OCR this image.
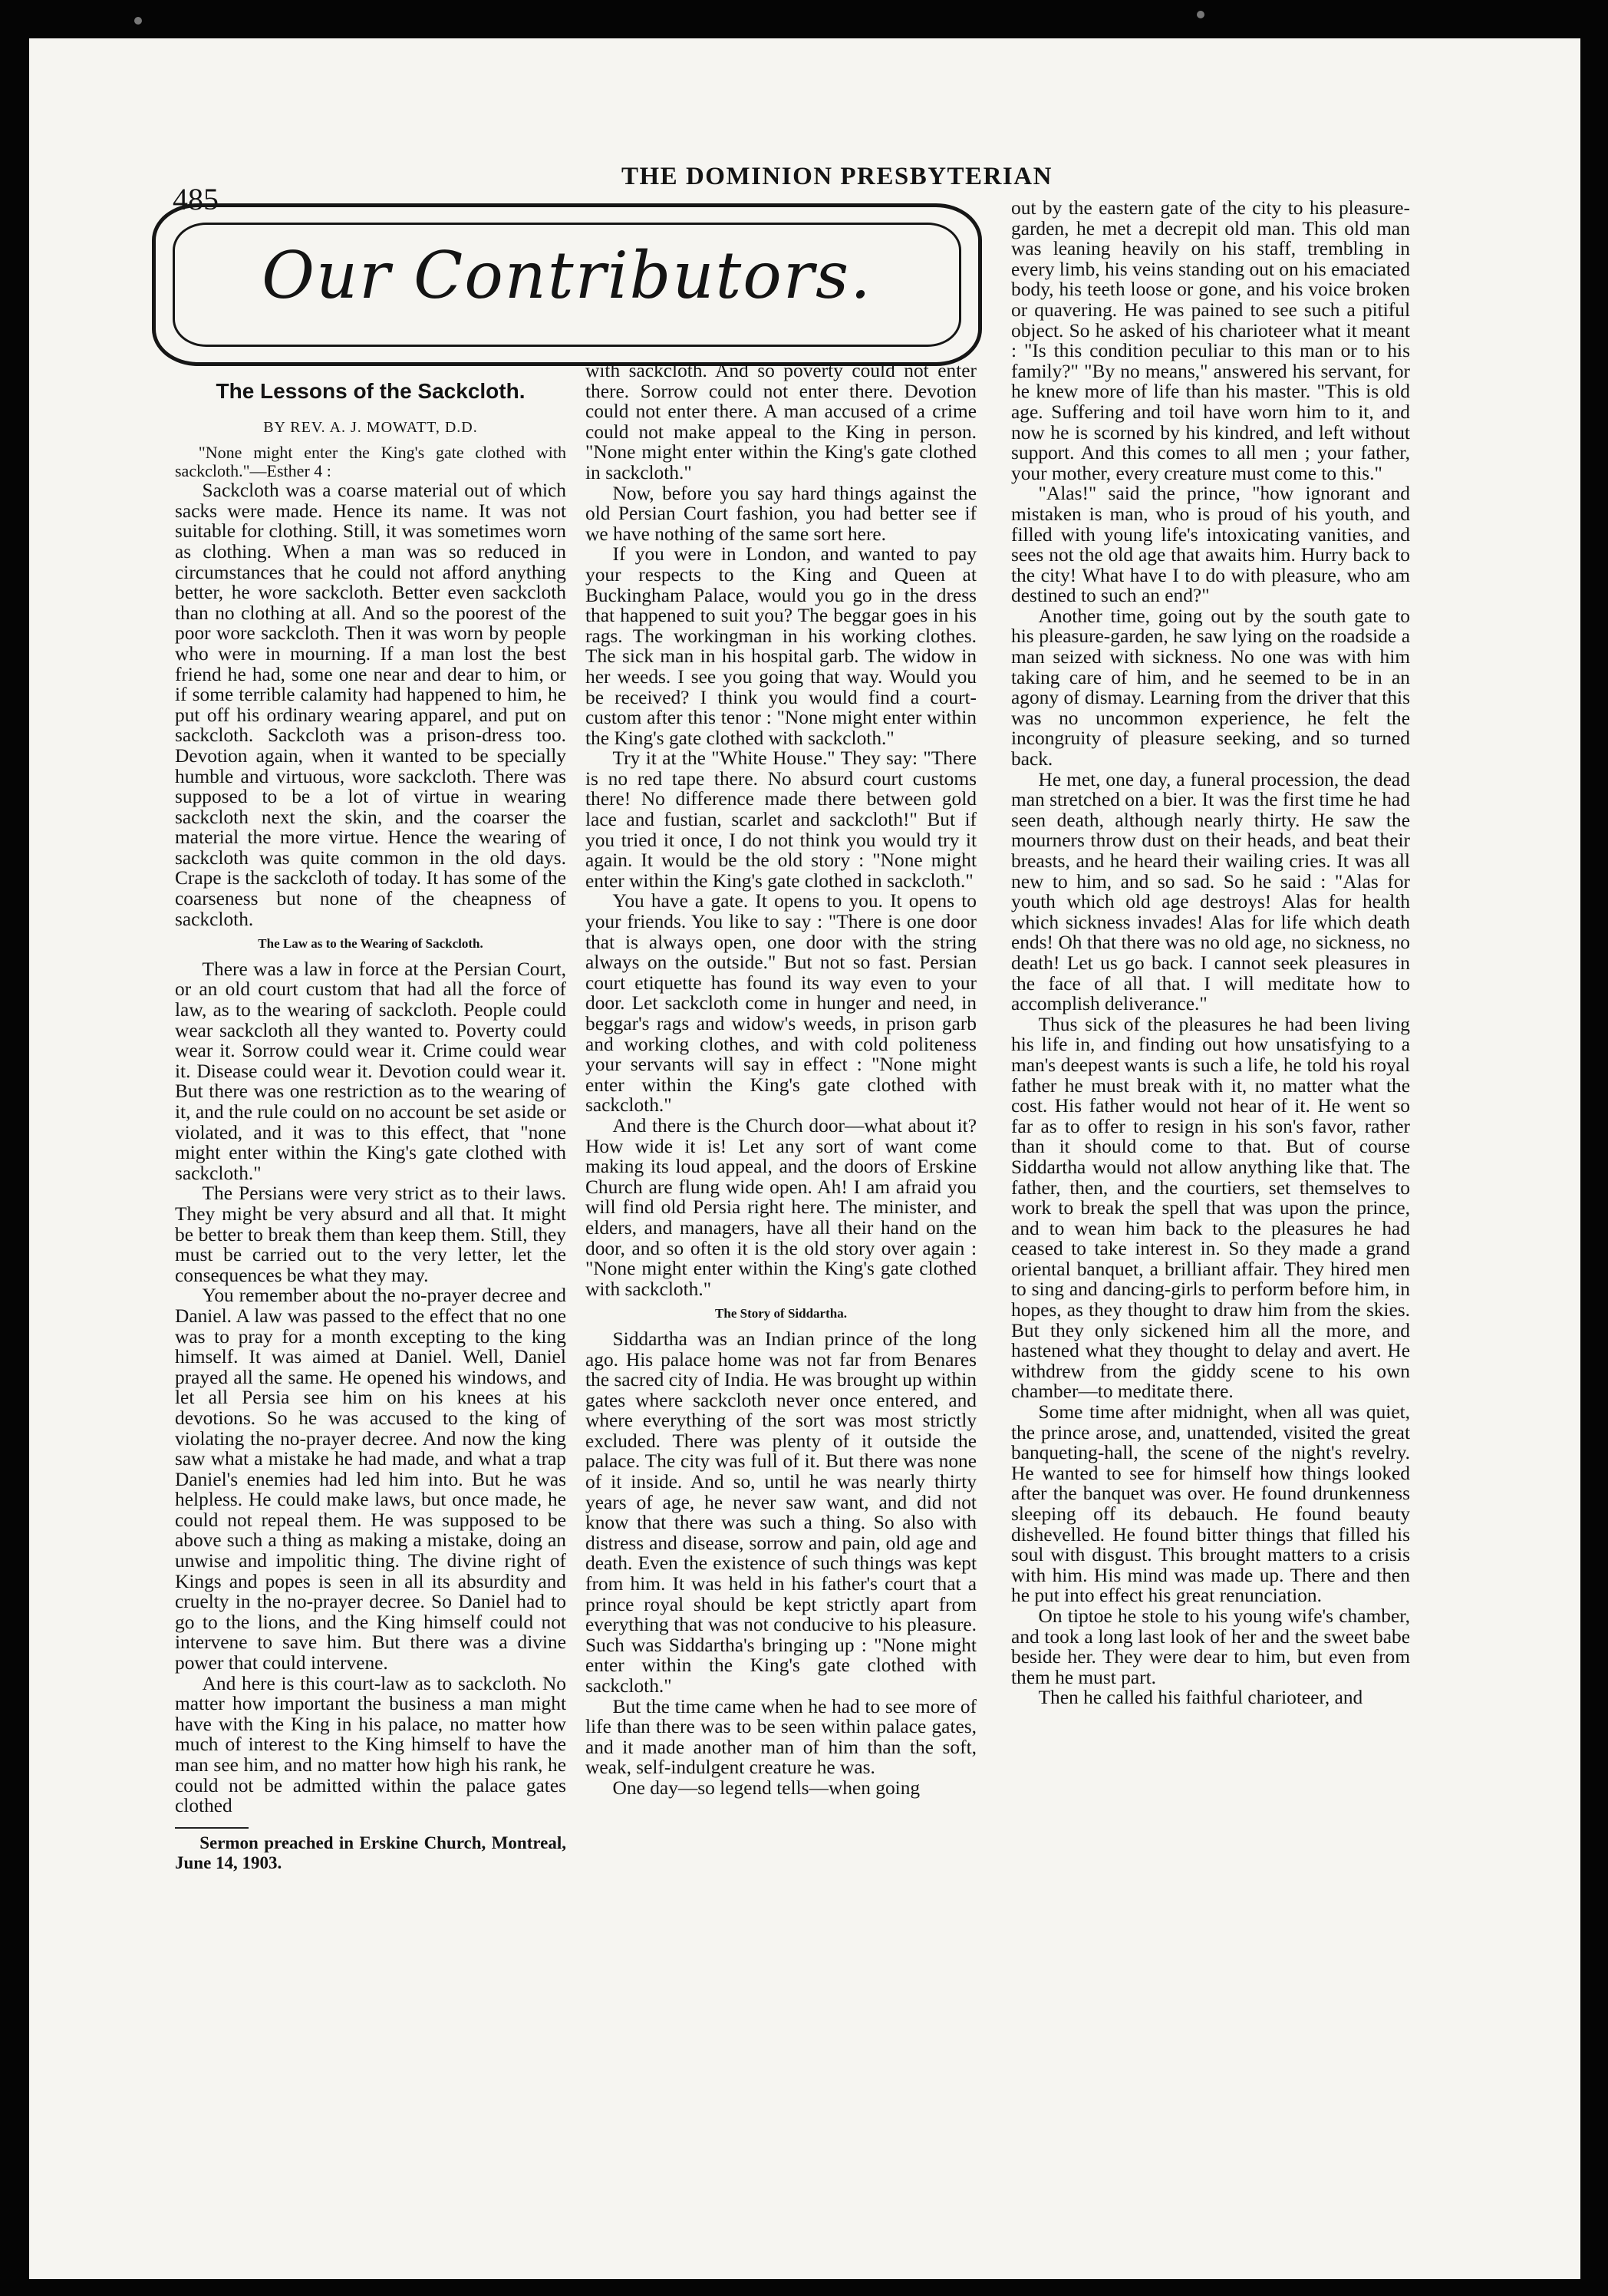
485
THE DOMINION PRESBYTERIAN
Our Contributors.
The Lessons of the Sackcloth.
BY REV. A. J. MOWATT, D.D.

"None might enter the King's gate clothed with sackcloth."—Esther 4 :

Sackcloth was a coarse material out of which sacks were made. Hence its name. It was not suitable for clothing. Still, it was sometimes worn as clothing. When a man was so reduced in circumstances that he could not afford anything better, he wore sackcloth. Better even sackcloth than no clothing at all. And so the poorest of the poor wore sackcloth. Then it was worn by people who were in mourning. If a man lost the best friend he had, some one near and dear to him, or if some terrible calamity had happened to him, he put off his ordinary wearing apparel, and put on sackcloth. Sackcloth was a prison-dress too. Devotion again, when it wanted to be specially humble and virtuous, wore sackcloth. There was supposed to be a lot of virtue in wearing sackcloth next the skin, and the coarser the material the more virtue. Hence the wearing of sackcloth was quite common in the old days. Crape is the sackcloth of today. It has some of the coarseness but none of the cheapness of sackcloth.

The Law as to the Wearing of Sackcloth.

There was a law in force at the Persian Court, or an old court custom that had all the force of law, as to the wearing of sackcloth. People could wear sackcloth all they wanted to. Poverty could wear it. Sorrow could wear it. Crime could wear it. Disease could wear it. Devotion could wear it. But there was one restriction as to the wearing of it, and the rule could on no account be set aside or violated, and it was to this effect, that "none might enter within the King's gate clothed with sackcloth."

The Persians were very strict as to their laws. They might be very absurd and all that. It might be better to break them than keep them. Still, they must be carried out to the very letter, let the consequences be what they may.

You remember about the no-prayer decree and Daniel. A law was passed to the effect that no one was to pray for a month excepting to the king himself. It was aimed at Daniel. Well, Daniel prayed all the same. He opened his windows, and let all Persia see him on his knees at his devotions. So he was accused to the king of violating the no-prayer decree. And now the king saw what a mistake he had made, and what a trap Daniel's enemies had led him into. But he was helpless. He could make laws, but once made, he could not repeal them. He was supposed to be above such a thing as making a mistake, doing an unwise and impolitic thing. The divine right of Kings and popes is seen in all its absurdity and cruelty in the no-prayer decree. So Daniel had to go to the lions, and the King himself could not intervene to save him. But there was a divine power that could intervene.

And here is this court-law as to sackcloth. No matter how important the business a man might have with the King in his palace, no matter how much of interest to the King himself to have the man see him, and no matter how high his rank, he could not be admitted within the palace gates clothed

Sermon preached in Erskine Church, Montreal, June 14, 1903.

with sackcloth. And so poverty could not enter there. Sorrow could not enter there. Devotion could not enter there. A man accused of a crime could not make appeal to the King in person. "None might enter within the King's gate clothed in sackcloth."

Now, before you say hard things against the old Persian Court fashion, you had better see if we have nothing of the same sort here.

If you were in London, and wanted to pay your respects to the King and Queen at Buckingham Palace, would you go in the dress that happened to suit you? The beggar goes in his rags. The workingman in his working clothes. The sick man in his hospital garb. The widow in her weeds. I see you going that way. Would you be received? I think you would find a court-custom after this tenor : "None might enter within the King's gate clothed with sackcloth."

Try it at the "White House." They say: "There is no red tape there. No absurd court customs there! No difference made there between gold lace and fustian, scarlet and sackcloth!" But if you tried it once, I do not think you would try it again. It would be the old story : "None might enter within the King's gate clothed in sackcloth."

You have a gate. It opens to you. It opens to your friends. You like to say : "There is one door that is always open, one door with the string always on the outside." But not so fast. Persian court etiquette has found its way even to your door. Let sackcloth come in hunger and need, in beggar's rags and widow's weeds, in prison garb and working clothes, and with cold politeness your servants will say in effect : "None might enter within the King's gate clothed with sackcloth."

And there is the Church door—what about it? How wide it is! Let any sort of want come making its loud appeal, and the doors of Erskine Church are flung wide open. Ah! I am afraid you will find old Persia right here. The minister, and elders, and managers, have all their hand on the door, and so often it is the old story over again : "None might enter within the King's gate clothed with sackcloth."

The Story of Siddartha.

Siddartha was an Indian prince of the long ago. His palace home was not far from Benares the sacred city of India. He was brought up within gates where sackcloth never once entered, and where everything of the sort was most strictly excluded. There was plenty of it outside the palace. The city was full of it. But there was none of it inside. And so, until he was nearly thirty years of age, he never saw want, and did not know that there was such a thing. So also with distress and disease, sorrow and pain, old age and death. Even the existence of such things was kept from him. It was held in his father's court that a prince royal should be kept strictly apart from everything that was not conducive to his pleasure. Such was Siddartha's bringing up : "None might enter within the King's gate clothed with sackcloth."

But the time came when he had to see more of life than there was to be seen within palace gates, and it made another man of him than the soft, weak, self-indulgent creature he was.

One day—so legend tells—when going

out by the eastern gate of the city to his pleasure-garden, he met a decrepit old man. This old man was leaning heavily on his staff, trembling in every limb, his veins standing out on his emaciated body, his teeth loose or gone, and his voice broken or quavering. He was pained to see such a pitiful object. So he asked of his charioteer what it meant : "Is this condition peculiar to this man or to his family?" "By no means," answered his servant, for he knew more of life than his master. "This is old age. Suffering and toil have worn him to it, and now he is scorned by his kindred, and left without support. And this comes to all men ; your father, your mother, every creature must come to this."

"Alas!" said the prince, "how ignorant and mistaken is man, who is proud of his youth, and filled with young life's intoxicating vanities, and sees not the old age that awaits him. Hurry back to the city! What have I to do with pleasure, who am destined to such an end?"

Another time, going out by the south gate to his pleasure-garden, he saw lying on the roadside a man seized with sickness. No one was with him taking care of him, and he seemed to be in an agony of dismay. Learning from the driver that this was no uncommon experience, he felt the incongruity of pleasure seeking, and so turned back.

He met, one day, a funeral procession, the dead man stretched on a bier. It was the first time he had seen death, although nearly thirty. He saw the mourners throw dust on their heads, and beat their breasts, and he heard their wailing cries. It was all new to him, and so sad. So he said : "Alas for youth which old age destroys! Alas for health which sickness invades! Alas for life which death ends! Oh that there was no old age, no sickness, no death! Let us go back. I cannot seek pleasures in the face of all that. I will meditate how to accomplish deliverance."

Thus sick of the pleasures he had been living his life in, and finding out how unsatisfying to a man's deepest wants is such a life, he told his royal father he must break with it, no matter what the cost. His father would not hear of it. He went so far as to offer to resign in his son's favor, rather than it should come to that. But of course Siddartha would not allow anything like that. The father, then, and the courtiers, set themselves to work to break the spell that was upon the prince, and to wean him back to the pleasures he had ceased to take interest in. So they made a grand oriental banquet, a brilliant affair. They hired men to sing and dancing-girls to perform before him, in hopes, as they thought to draw him from the skies. But they only sickened him all the more, and hastened what they thought to delay and avert. He withdrew from the giddy scene to his own chamber—to meditate there.

Some time after midnight, when all was quiet, the prince arose, and, unattended, visited the great banqueting-hall, the scene of the night's revelry. He wanted to see for himself how things looked after the banquet was over. He found drunkenness sleeping off its debauch. He found beauty dishevelled. He found bitter things that filled his soul with disgust. This brought matters to a crisis with him. His mind was made up. There and then he put into effect his great renunciation.

On tiptoe he stole to his young wife's chamber, and took a long last look of her and the sweet babe beside her. They were dear to him, but even from them he must part.

Then he called his faithful charioteer, and
